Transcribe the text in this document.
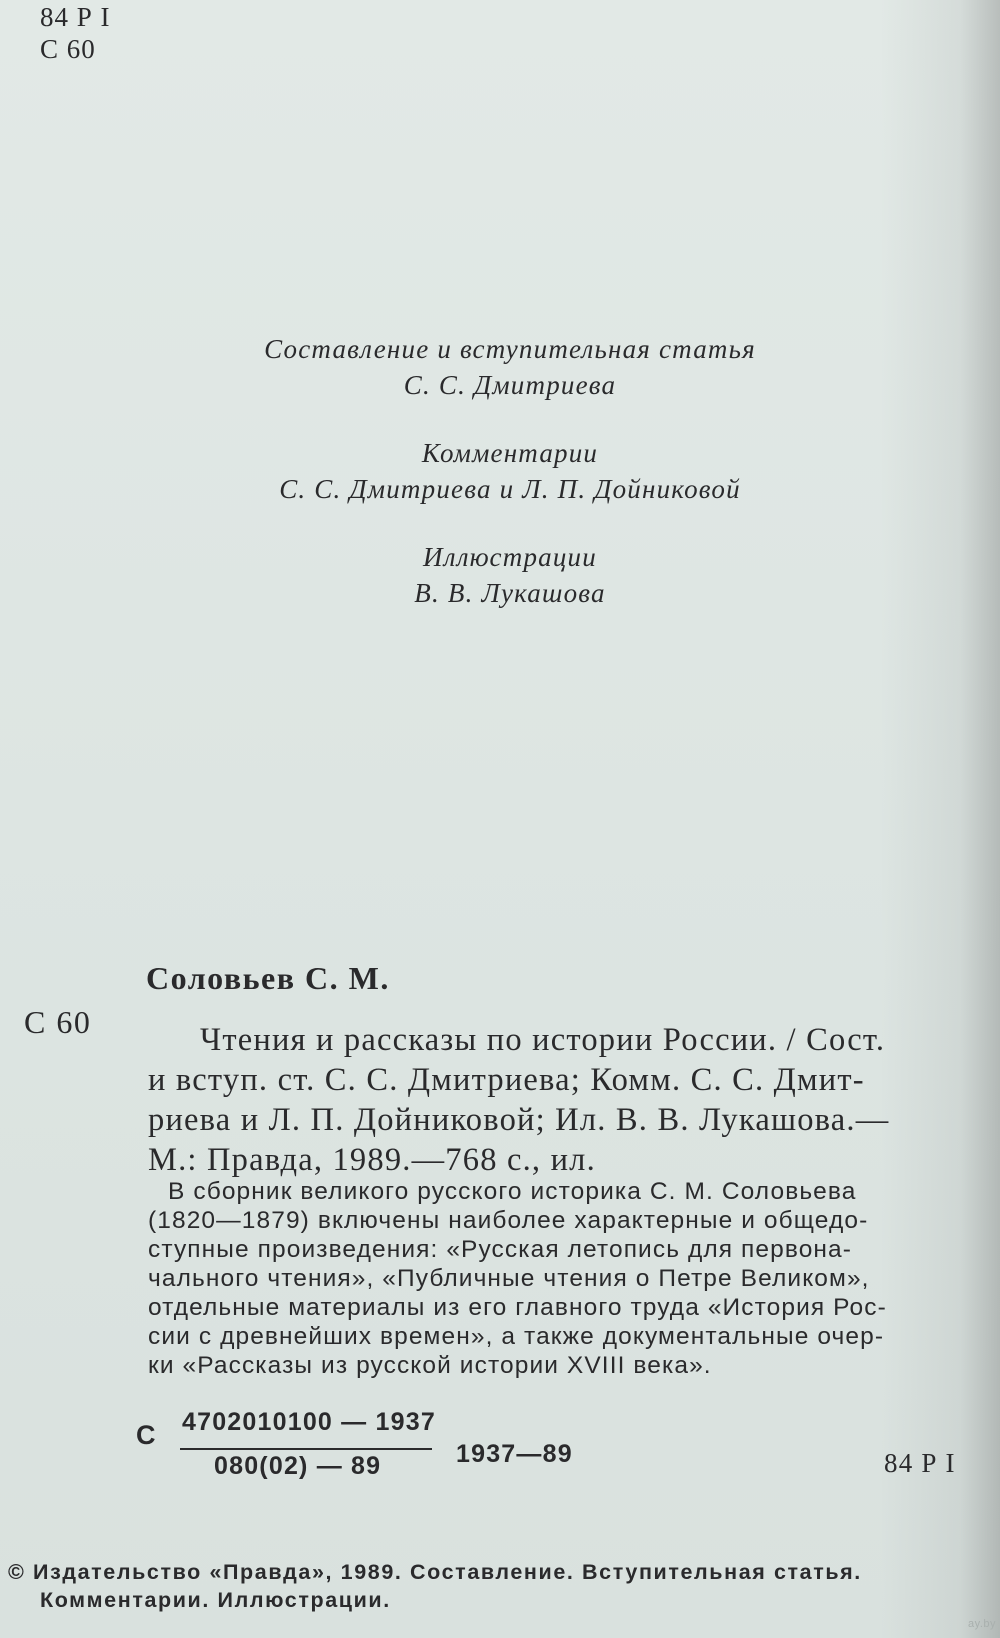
84 Р I
С 60
Составление и вступительная статья
С. С. Дмитриева
Комментарии
С. С. Дмитриева и Л. П. Дойниковой
Иллюстрации
В. В. Лукашова
Соловьев С. М.
С 60	Чтения и рассказы по истории России. / Сост.
и вступ. ст. С. С. Дмитриева; Комм. С. С. Дмит-
риева и Л. П. Дойниковой; Ил. В. В. Лукашова.—
М.: Правда, 1989.—768 с., ил.
В сборник великого русского историка С. М. Соловьева
(1820—1879) включены наиболее характерные и общедо-
ступные произведения: «Русская летопись для первона-
чального чтения», «Публичные чтения о Петре Великом»,
отдельные материалы из его главного труда «История Рос-
сии с древнейших времен», а также документальные очер-
ки «Рассказы из русской истории XVIII века».
С 4702010100 — 1937
080(02) — 89	1937—89	84 Р I
© Издательство «Правда», 1989. Составление. Вступительная статья.
Комментарии. Иллюстрации.
ay.by
